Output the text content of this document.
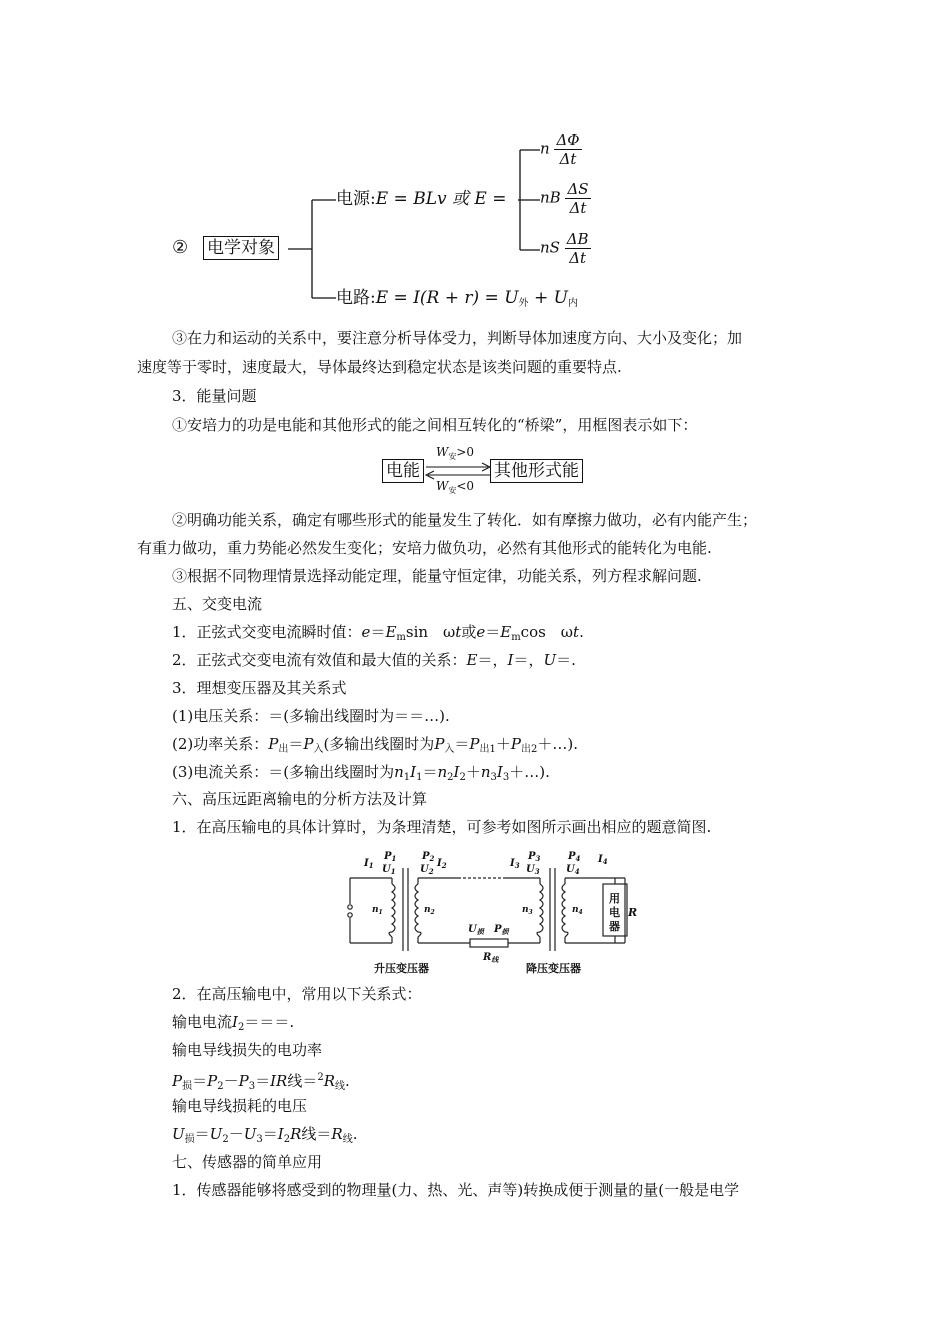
② 电学对象
电源:E = BLv 或 E =
n $\frac{\Delta\Phi}{\Delta t}$
nB $\frac{\Delta S}{\Delta t}$
nS $\frac{\Delta B}{\Delta t}$
电路:E = $I(R + r) = U_外 + U_内$
③在力和运动的关系中，要注意分析导体受力，判断导体加速度方向、大小及变化；加
速度等于零时，速度最大，导体最终达到稳定状态是该类问题的重要特点.
3．能量问题
①安培力的功是电能和其他形式的能之间相互转化的“桥梁”，用框图表示如下：
电能	其他形式能
$W_安>0$
$W_安<0$
②明确功能关系，确定有哪些形式的能量发生了转化．如有摩擦力做功，必有内能产生；
有重力做功，重力势能必然发生变化；安培力做负功，必然有其他形式的能转化为电能.
③根据不同物理情景选择动能定理，能量守恒定律，功能关系，列方程求解问题.
五、交变电流
1．正弦式交变电流瞬时值：$e=E_m\sin$　ωt或$e=E_m\cos$　ωt.
2．正弦式交变电流有效值和最大值的关系：E＝，I＝，U＝.
3．理想变压器及其关系式
(1)电压关系：＝(多输出线圈时为＝＝…).
(2)功率关系：$P_出=P_入$(多输出线圈时为$P_入=P_{出1}+P_{出2}+\dots$).
(3)电流关系：＝(多输出线圈时为$n_1I_1=n_2I_2+n_3I_3+\dots$).
六、高压远距离输电的分析方法及计算
1．在高压输电的具体计算时，为条理清楚，可参考如图所示画出相应的题意简图.
$I_1$
$P_1$
$U_1$
$P_2$ $I_2$
$U_2$
$I_3$
$P_3$
$U_3$
$P_4$ $I_4$
$U_4$
$n_1$	$n_2$	$n_3$	$n_4$
$U_损$ $P_损$
$R_线$
用
电
器
R
升压变压器	降压变压器
2．在高压输电中，常用以下关系式：
输电电流$I_2===$.
输电导线损失的电功率
$P_损=P_2-P_3=IR$线$=^2R_线$.
输电导线损耗的电压
$U_损=U_2-U_3=I_2R$线$=R_线$.
七、传感器的简单应用
1．传感器能够将感受到的物理量(力、热、光、声等)转换成便于测量的量(一般是电学
